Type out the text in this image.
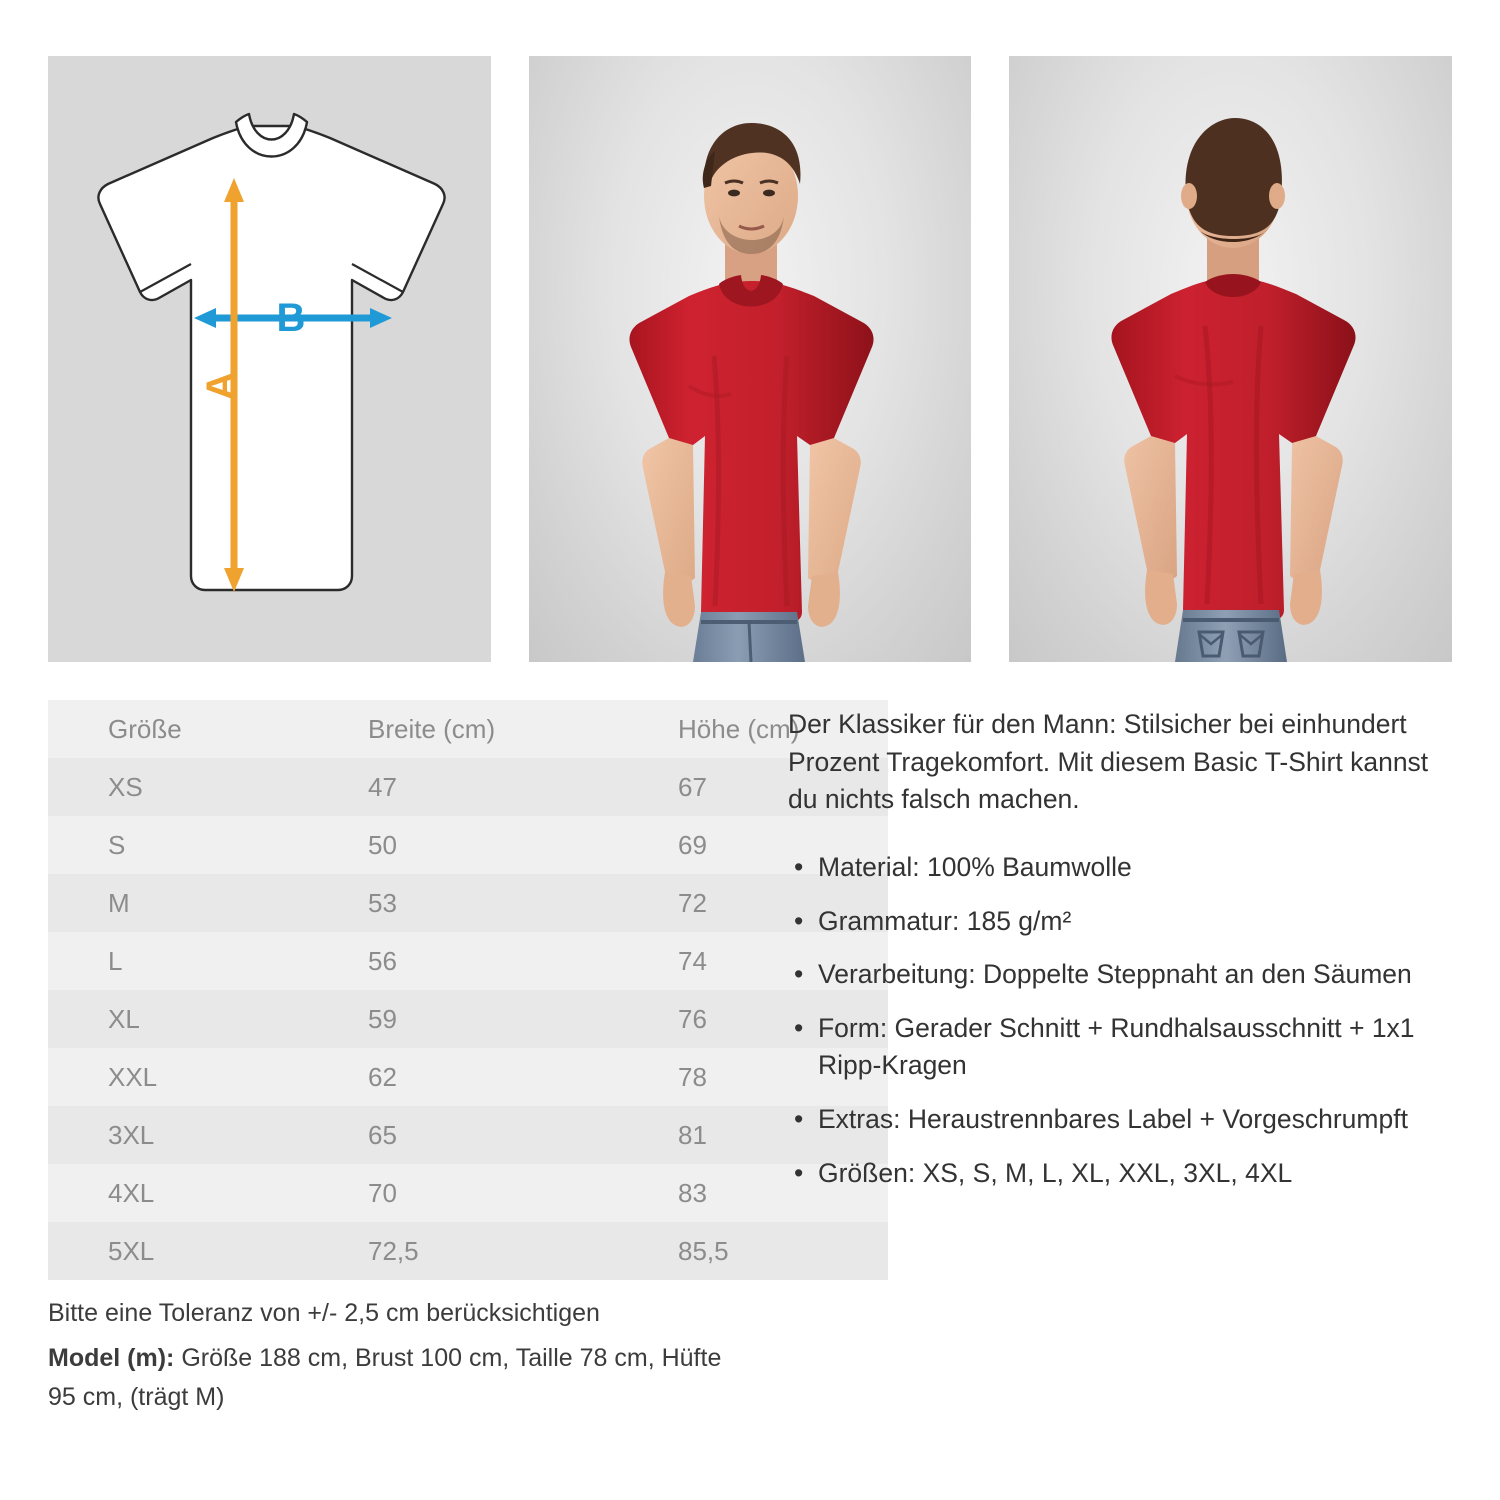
B
A
Größe	Breite (cm)	Höhe (cm)
XS	47	67
S	50	69
M	53	72
L	56	74
XL	59	76
XXL	62	78
3XL	65	81
4XL	70	83
5XL	72,5	85,5
Bitte eine Toleranz von +/- 2,5 cm berücksichtigen
Model (m): Größe 188 cm, Brust 100 cm, Taille 78 cm, Hüfte 95 cm, (trägt M)

Der Klassiker für den Mann: Stilsicher bei einhundert Prozent Tragekomfort. Mit diesem Basic T-Shirt kannst du nichts falsch machen.

• Material: 100% Baumwolle
• Grammatur: 185 g/m²
• Verarbeitung: Doppelte Steppnaht an den Säumen
• Form: Gerader Schnitt + Rundhalsausschnitt + 1x1 Ripp-Kragen
• Extras: Heraustrennbares Label + Vorgeschrumpft
• Größen: XS, S, M, L, XL, XXL, 3XL, 4XL
